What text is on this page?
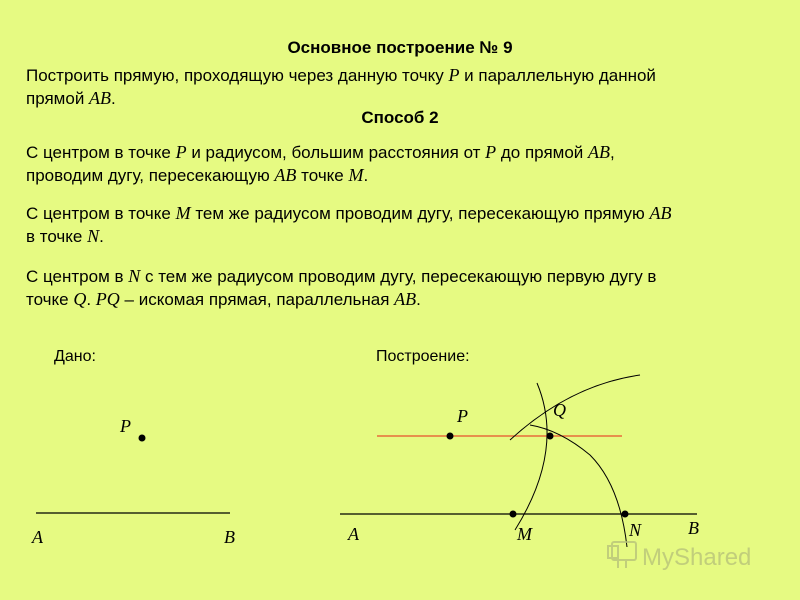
Основное построение № 9
Построить прямую, проходящую через данную точку P и параллельную данной
прямой AB.
Способ 2
С центром в точке P и радиусом, большим расстояния от P до прямой AB,
проводим дугу, пересекающую AB точке M.
С центром в точке M тем же радиусом проводим дугу, пересекающую прямую AB
в точке N.
С центром в N с тем же радиусом проводим дугу, пересекающую первую дугу в
точке Q. PQ – искомая прямая, параллельная AB.
Дано:	Построение:
P
A	B
P	Q
A	M	N	B
MyShared
